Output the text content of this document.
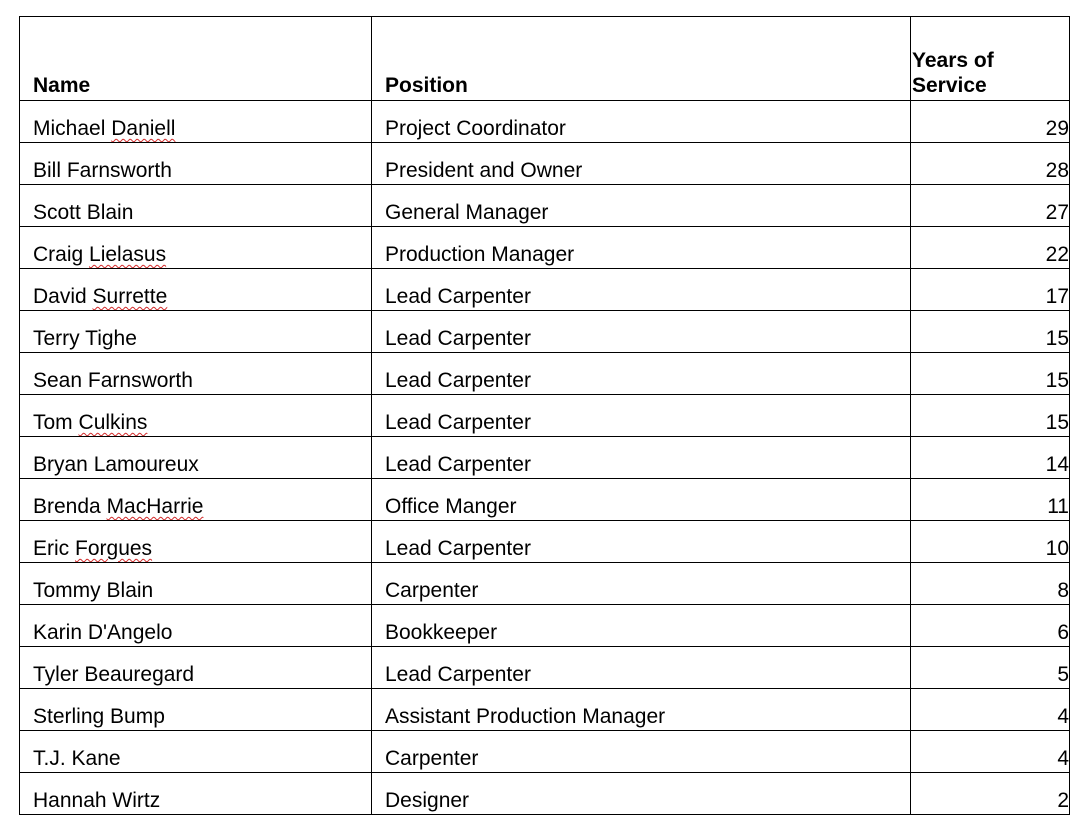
Name	Position	Years of Service
Michael Daniell	Project Coordinator	29
Bill Farnsworth	President and Owner	28
Scott Blain	General Manager	27
Craig Lielasus	Production Manager	22
David Surrette	Lead Carpenter	17
Terry Tighe	Lead Carpenter	15
Sean Farnsworth	Lead Carpenter	15
Tom Culkins	Lead Carpenter	15
Bryan Lamoureux	Lead Carpenter	14
Brenda MacHarrie	Office Manger	11
Eric Forgues	Lead Carpenter	10
Tommy Blain	Carpenter	8
Karin D'Angelo	Bookkeeper	6
Tyler Beauregard	Lead Carpenter	5
Sterling Bump	Assistant Production Manager	4
T.J. Kane	Carpenter	4
Hannah Wirtz	Designer	2
